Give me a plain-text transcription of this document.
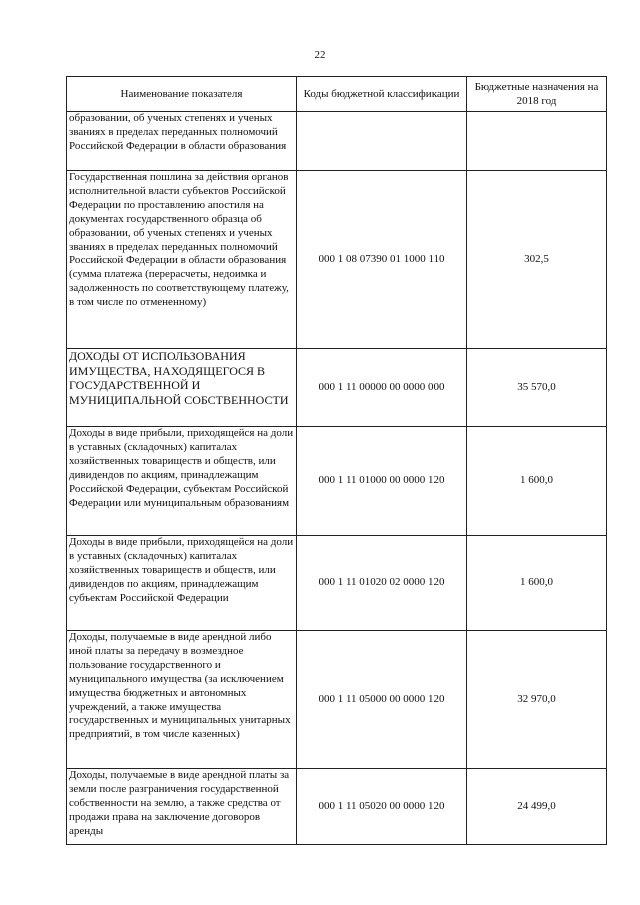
22
Наименование показателя	Коды бюджетной классификации	Бюджетные назначения на 2018 год
образовании, об ученых степенях и ученых званиях в пределах переданных полномочий Российской Федерации в области образования		
Государственная пошлина за действия органов исполнительной власти субъектов Российской Федерации по проставлению апостиля на документах государственного образца об образовании, об ученых степенях и ученых званиях в пределах переданных полномочий Российской Федерации в области образования (сумма платежа (перерасчеты, недоимка и задолженность по соответствующему платежу, в том числе по отмененному)	000 1 08 07390 01 1000 110	302,5
ДОХОДЫ ОТ ИСПОЛЬЗОВАНИЯ ИМУЩЕСТВА, НАХОДЯЩЕГОСЯ В ГОСУДАРСТВЕННОЙ И МУНИЦИПАЛЬНОЙ СОБСТВЕННОСТИ	000 1 11 00000 00 0000 000	35 570,0
Доходы в виде прибыли, приходящейся на доли в уставных (складочных) капиталах хозяйственных товариществ и обществ, или дивидендов по акциям, принадлежащим Российской Федерации, субъектам Российской Федерации или муниципальным образованиям	000 1 11 01000 00 0000 120	1 600,0
Доходы в виде прибыли, приходящейся на доли в уставных (складочных) капиталах хозяйственных товариществ и обществ, или дивидендов по акциям, принадлежащим субъектам Российской Федерации	000 1 11 01020 02 0000 120	1 600,0
Доходы, получаемые в виде арендной либо иной платы за передачу в возмездное пользование государственного и муниципального имущества (за исключением имущества бюджетных и автономных учреждений, а также имущества государственных и муниципальных унитарных предприятий, в том числе казенных)	000 1 11 05000 00 0000 120	32 970,0
Доходы, получаемые в виде арендной платы за земли после разграничения государственной собственности на землю, а также средства от продажи права на заключение договоров аренды	000 1 11 05020 00 0000 120	24 499,0
